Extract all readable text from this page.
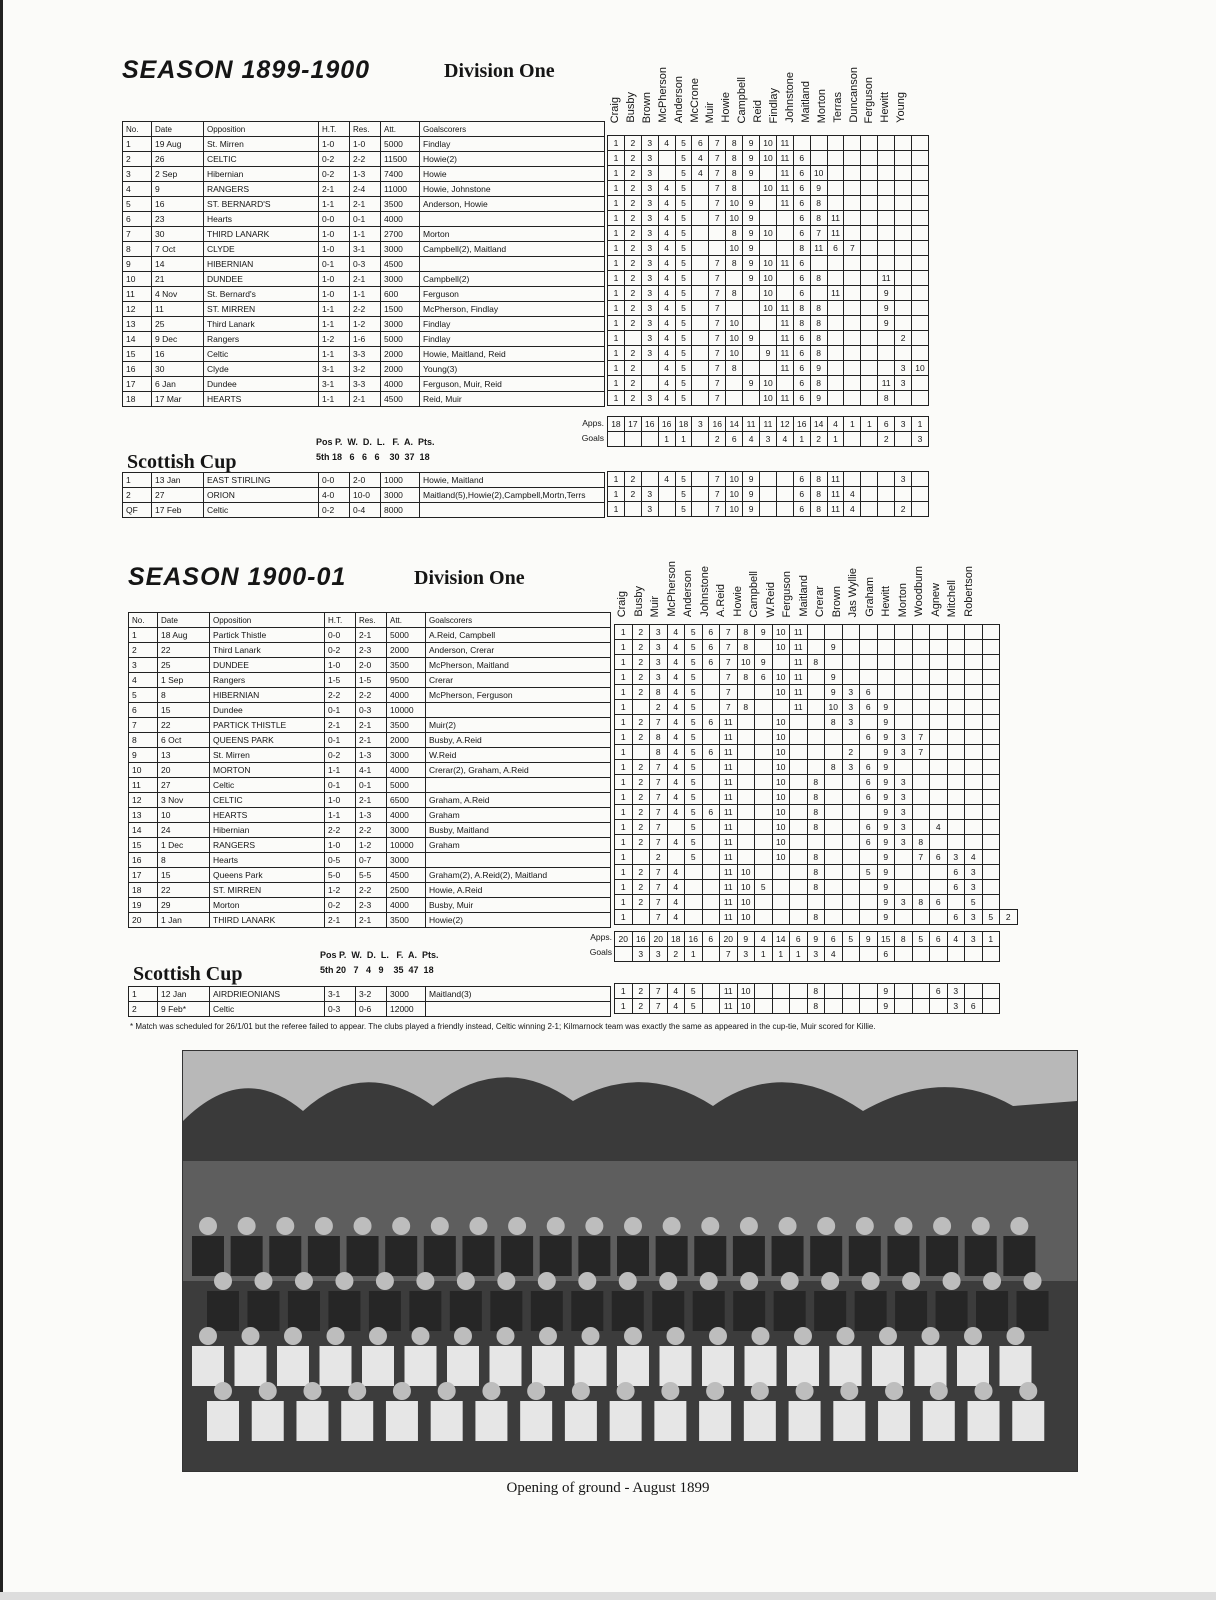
SEASON 1899-1900	Division One
Craig Busby Brown McPherson Anderson McCrone Muir Howie Campbell Reid Findlay Johnstone Maitland Morton Terras Duncanson Ferguson Hewitt Young
No.	Date	Opposition	H.T.	Res.	Att.	Goalscorers
1	19 Aug	St. Mirren	1-0	1-0	5000	Findlay
2	26	CELTIC	0-2	2-2	11500	Howie(2)
3	2 Sep	Hibernian	0-2	1-3	7400	Howie
4	9	RANGERS	2-1	2-4	11000	Howie, Johnstone
5	16	ST. BERNARD'S	1-1	2-1	3500	Anderson, Howie
6	23	Hearts	0-0	0-1	4000	
7	30	THIRD LANARK	1-0	1-1	2700	Morton
8	7 Oct	CLYDE	1-0	3-1	3000	Campbell(2), Maitland
9	14	HIBERNIAN	0-1	0-3	4500	
10	21	DUNDEE	1-0	2-1	3000	Campbell(2)
11	4 Nov	St. Bernard's	1-0	1-1	600	Ferguson
12	11	ST. MIRREN	1-1	2-2	1500	McPherson, Findlay
13	25	Third Lanark	1-1	1-2	3000	Findlay
14	9 Dec	Rangers	1-2	1-6	5000	Findlay
15	16	Celtic	1-1	3-3	2000	Howie, Maitland, Reid
16	30	Clyde	3-1	3-2	2000	Young(3)
17	6 Jan	Dundee	3-1	3-3	4000	Ferguson, Muir, Reid
18	17 Mar	HEARTS	1-1	2-1	4500	Reid, Muir
1	2	3	4	5	6	7	8	9	10	11								
1	2	3		5	4	7	8	9	10	11	6							
1	2	3		5	4	7	8	9		11	6	10						
1	2	3	4	5		7	8		10	11	6	9						
1	2	3	4	5		7	10	9		11	6	8						
1	2	3	4	5		7	10	9			6	8	11					
1	2	3	4	5			8	9	10		6	7	11					
1	2	3	4	5			10	9			8	11	6	7				
1	2	3	4	5		7	8	9	10	11	6							
1	2	3	4	5		7		9	10		6	8				11		
1	2	3	4	5		7	8		10		6		11			9		
1	2	3	4	5		7			10	11	8	8				9		
1	2	3	4	5		7	10			11	8	8				9		
1		3	4	5		7	10	9		11	6	8					2	
1	2	3	4	5		7	10		9	11	6	8						
1	2		4	5		7	8			11	6	9					3	10
1	2		4	5		7		9	10		6	8				11	3	
1	2	3	4	5		7			10	11	6	9				8		
Apps.
Goals
18	17	16	16	18	3	16	14	11	11	12	16	14	4	1	1	6	3	1
			1	1		2	6	4	3	4	1	2	1			2		3
Pos P.  W.  D.  L.   F.  A.  Pts.
5th 18   6   6   6    30  37  18
Scottish Cup
1	13 Jan	EAST STIRLING	0-0	2-0	1000	Howie, Maitland
2	27	ORION	4-0	10-0	3000	Maitland(5),Howie(2),Campbell,Mortn,Terrs
QF	17 Feb	Celtic	0-2	0-4	8000	
1	2		4	5		7	10	9			6	8	11				3	
1	2	3		5		7	10	9			6	8	11	4				
1		3		5		7	10	9			6	8	11	4			2	
SEASON 1900-01	Division One
Craig Busby Muir McPherson Anderson Johnstone A.Reid Howie Campbell W.Reid Ferguson Maitland Crerar Brown Jas Wyllie Graham Hewitt Morton Woodburn Agnew Mitchell Robertson
No.	Date	Opposition	H.T.	Res.	Att.	Goalscorers
1	18 Aug	Partick Thistle	0-0	2-1	5000	A.Reid, Campbell
2	22	Third Lanark	0-2	2-3	2000	Anderson, Crerar
3	25	DUNDEE	1-0	2-0	3500	McPherson, Maitland
4	1 Sep	Rangers	1-5	1-5	9500	Crerar
5	8	HIBERNIAN	2-2	2-2	4000	McPherson, Ferguson
6	15	Dundee	0-1	0-3	10000	
7	22	PARTICK THISTLE	2-1	2-1	3500	Muir(2)
8	6 Oct	QUEENS PARK	0-1	2-1	2000	Busby, A.Reid
9	13	St. Mirren	0-2	1-3	3000	W.Reid
10	20	MORTON	1-1	4-1	4000	Crerar(2), Graham, A.Reid
11	27	Celtic	0-1	0-1	5000	
12	3 Nov	CELTIC	1-0	2-1	6500	Graham, A.Reid
13	10	HEARTS	1-1	1-3	4000	Graham
14	24	Hibernian	2-2	2-2	3000	Busby, Maitland
15	1 Dec	RANGERS	1-0	1-2	10000	Graham
16	8	Hearts	0-5	0-7	3000	
17	15	Queens Park	5-0	5-5	4500	Graham(2), A.Reid(2), Maitland
18	22	ST. MIRREN	1-2	2-2	2500	Howie, A.Reid
19	29	Morton	0-2	2-3	4000	Busby, Muir
20	1 Jan	THIRD LANARK	2-1	2-1	3500	Howie(2)
1	2	3	4	5	6	7	8	9	10	11												
1	2	3	4	5	6	7	8		10	11		9										
1	2	3	4	5	6	7	10	9		11	8											
1	2	3	4	5		7	8	6	10	11		9										
1	2	8	4	5		7			10	11		9	3	6								
1		2	4	5		7	8			11		10	3	6	9							
1	2	7	4	5	6	11			10			8	3		9							
1	2	8	4	5		11			10					6	9	3	7					
1		8	4	5	6	11			10				2		9	3	7					
1	2	7	4	5		11			10			8	3	6	9							
1	2	7	4	5		11			10		8			6	9	3						
1	2	7	4	5		11			10		8			6	9	3						
1	2	7	4	5	6	11			10		8				9	3						
1	2	7		5		11			10		8			6	9	3		4				
1	2	7	4	5		11			10					6	9	3	8					
1		2		5		11			10		8				9		7	6	3	4		
1	2	7	4			11	10				8			5	9				6	3		
1	2	7	4			11	10	5			8				9				6	3		
1	2	7	4			11	10								9	3	8	6		5		
1		7	4			11	10				8				9				6	3	5	2
Apps.
Goals
20	16	20	18	16	6	20	9	4	14	6	9	6	5	9	15	8	5	6	4	3	1
	3	3	2	1		7	3	1	1	1	3	4			6						
Pos P.  W.  D.  L.   F.  A.  Pts.
5th 20   7   4   9    35  47  18
Scottish Cup
1	12 Jan	AIRDRIEONIANS	3-1	3-2	3000	Maitland(3)
2	9 Feb*	Celtic	0-3	0-6	12000	
1	2	7	4	5		11	10				8				9			6	3		
1	2	7	4	5		11	10				8				9				3	6	
* Match was scheduled for 26/1/01 but the referee failed to appear. The clubs played a friendly instead, Celtic winning 2-1; Kilmarnock team was exactly the same as appeared in the cup-tie, Muir scored for Killie.
Opening of ground - August 1899
